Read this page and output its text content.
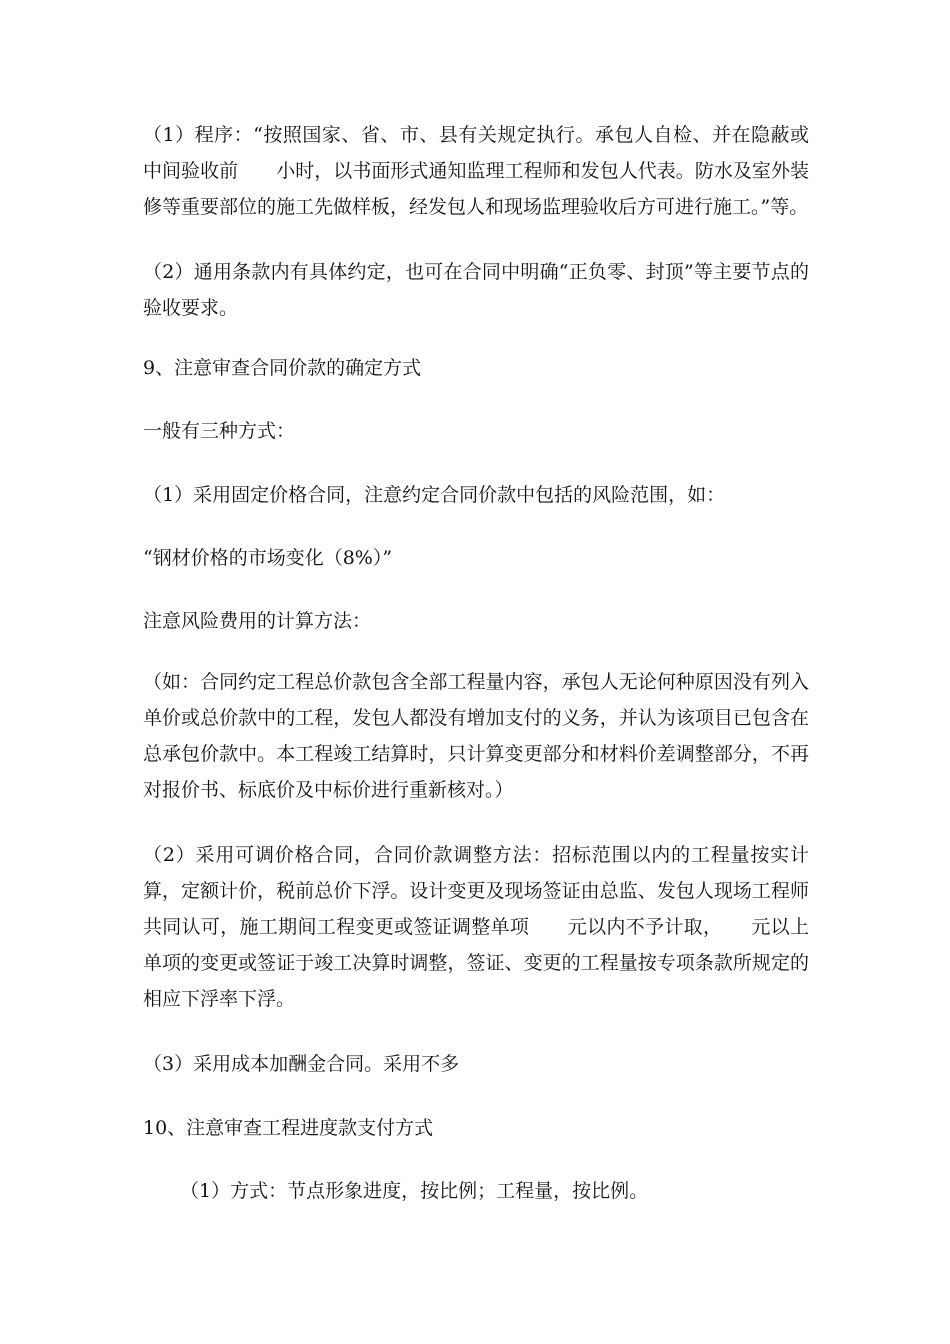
（1）程序：“按照国家、省、市、县有关规定执行。承包人自检、并在隐蔽或中间验收前　　小时，以书面形式通知监理工程师和发包人代表。防水及室外装修等重要部位的施工先做样板，经发包人和现场监理验收后方可进行施工。”等。

（2）通用条款内有具体约定，也可在合同中明确“正负零、封顶”等主要节点的验收要求。

9、注意审查合同价款的确定方式

一般有三种方式：

（1）采用固定价格合同，注意约定合同价款中包括的风险范围，如：

“钢材价格的市场变化（8%）”

注意风险费用的计算方法：

（如：合同约定工程总价款包含全部工程量内容，承包人无论何种原因没有列入单价或总价款中的工程，发包人都没有增加支付的义务，并认为该项目已包含在总承包价款中。本工程竣工结算时，只计算变更部分和材料价差调整部分，不再对报价书、标底价及中标价进行重新核对。）

（2）采用可调价格合同，合同价款调整方法：招标范围以内的工程量按实计算，定额计价，税前总价下浮。设计变更及现场签证由总监、发包人现场工程师共同认可，施工期间工程变更或签证调整单项　　元以内不予计取，　　元以上单项的变更或签证于竣工决算时调整，签证、变更的工程量按专项条款所规定的相应下浮率下浮。

（3）采用成本加酬金合同。采用不多

10、注意审查工程进度款支付方式

（1）方式：节点形象进度，按比例；工程量，按比例。
